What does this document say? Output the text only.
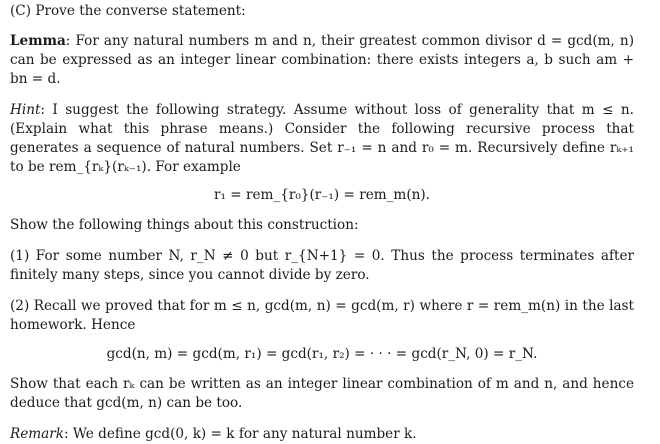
(C) Prove the converse statement:

Lemma: For any natural numbers m and n, their greatest common divisor d = gcd(m, n) can be expressed as an integer linear combination: there exists integers a, b such am + bn = d.

Hint: I suggest the following strategy. Assume without loss of generality that m ≤ n. (Explain what this phrase means.) Consider the following recursive process that generates a sequence of natural numbers. Set r₋₁ = n and r₀ = m. Recursively define rₖ₊₁ to be rem_{rₖ}(rₖ₋₁). For example

r₁ = rem_{r₀}(r₋₁) = rem_m(n).

Show the following things about this construction:

(1) For some number N, r_N ≠ 0 but r_{N+1} = 0. Thus the process terminates after finitely many steps, since you cannot divide by zero.

(2) Recall we proved that for m ≤ n, gcd(m, n) = gcd(m, r) where r = rem_m(n) in the last homework. Hence

gcd(n, m) = gcd(m, r₁) = gcd(r₁, r₂) = · · · = gcd(r_N, 0) = r_N.

Show that each rₖ can be written as an integer linear combination of m and n, and hence deduce that gcd(m, n) can be too.

Remark: We define gcd(0, k) = k for any natural number k.
